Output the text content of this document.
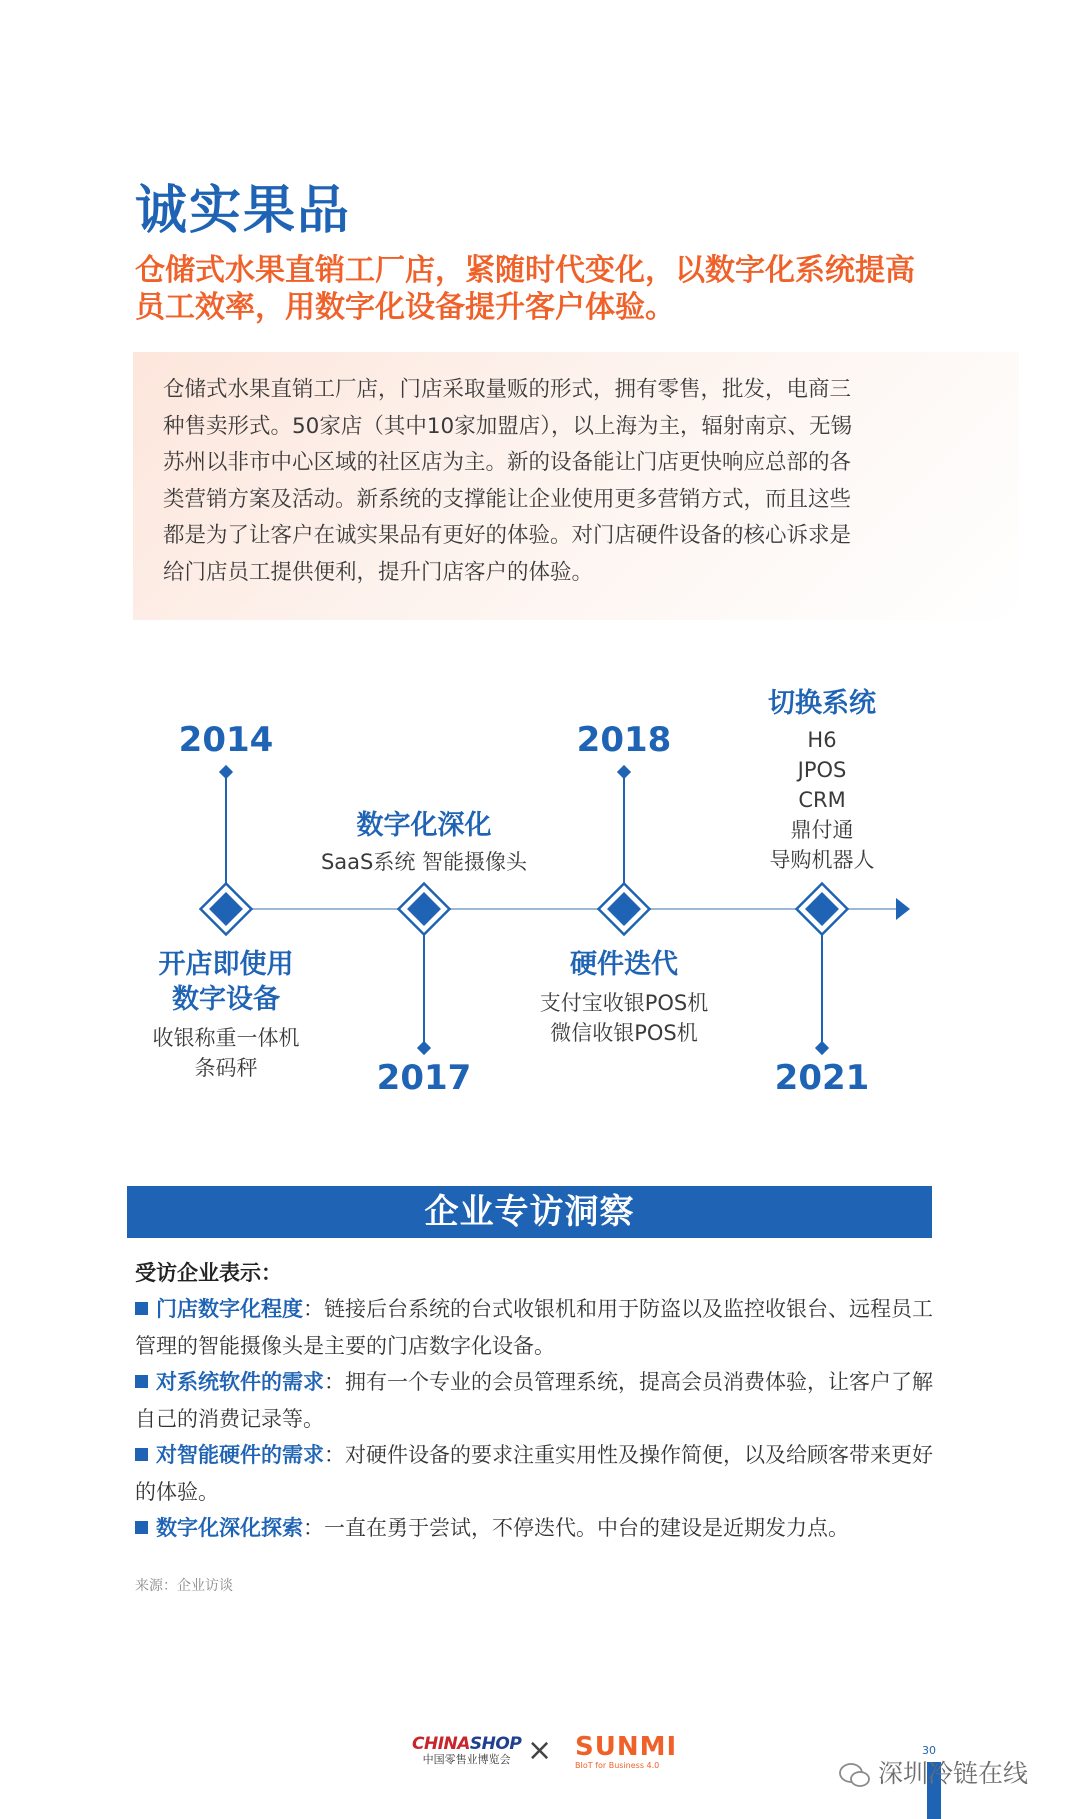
诚实果品
仓储式水果直销工厂店，紧随时代变化，以数字化系统提高员工效率，用数字化设备提升客户体验。
仓储式水果直销工厂店，门店采取量贩的形式，拥有零售，批发，电商三
种售卖形式。50家店（其中10家加盟店），以上海为主，辐射南京、无锡
苏州以非市中心区域的社区店为主。新的设备能让门店更快响应总部的各
类营销方案及活动。新系统的支撑能让企业使用更多营销方式，而且这些
都是为了让客户在诚实果品有更好的体验。对门店硬件设备的核心诉求是
给门店员工提供便利，提升门店客户的体验。
2014
开店即使用
数字设备
收银称重一体机
条码秤
数字化深化
SaaS系统 智能摄像头
2017
2018
硬件迭代
支付宝收银POS机
微信收银POS机
切换系统
H6
JPOS
CRM
鼎付通
导购机器人
2021
企业专访洞察
受访企业表示：

门店数字化程度：链接后台系统的台式收银机和用于防盗以及监控收银台、远程员工管理的智能摄像头是主要的门店数字化设备。

对系统软件的需求：拥有一个专业的会员管理系统，提高会员消费体验，让客户了解自己的消费记录等。

对智能硬件的需求：对硬件设备的要求注重实用性及操作简便，以及给顾客带来更好的体验。

数字化深化探索：一直在勇于尝试，不停迭代。中台的建设是近期发力点。

来源：企业访谈
CHINASHOP
中国零售业博览会 × SUNMI
BIoT for Business 4.0
30
深圳冷链在线
